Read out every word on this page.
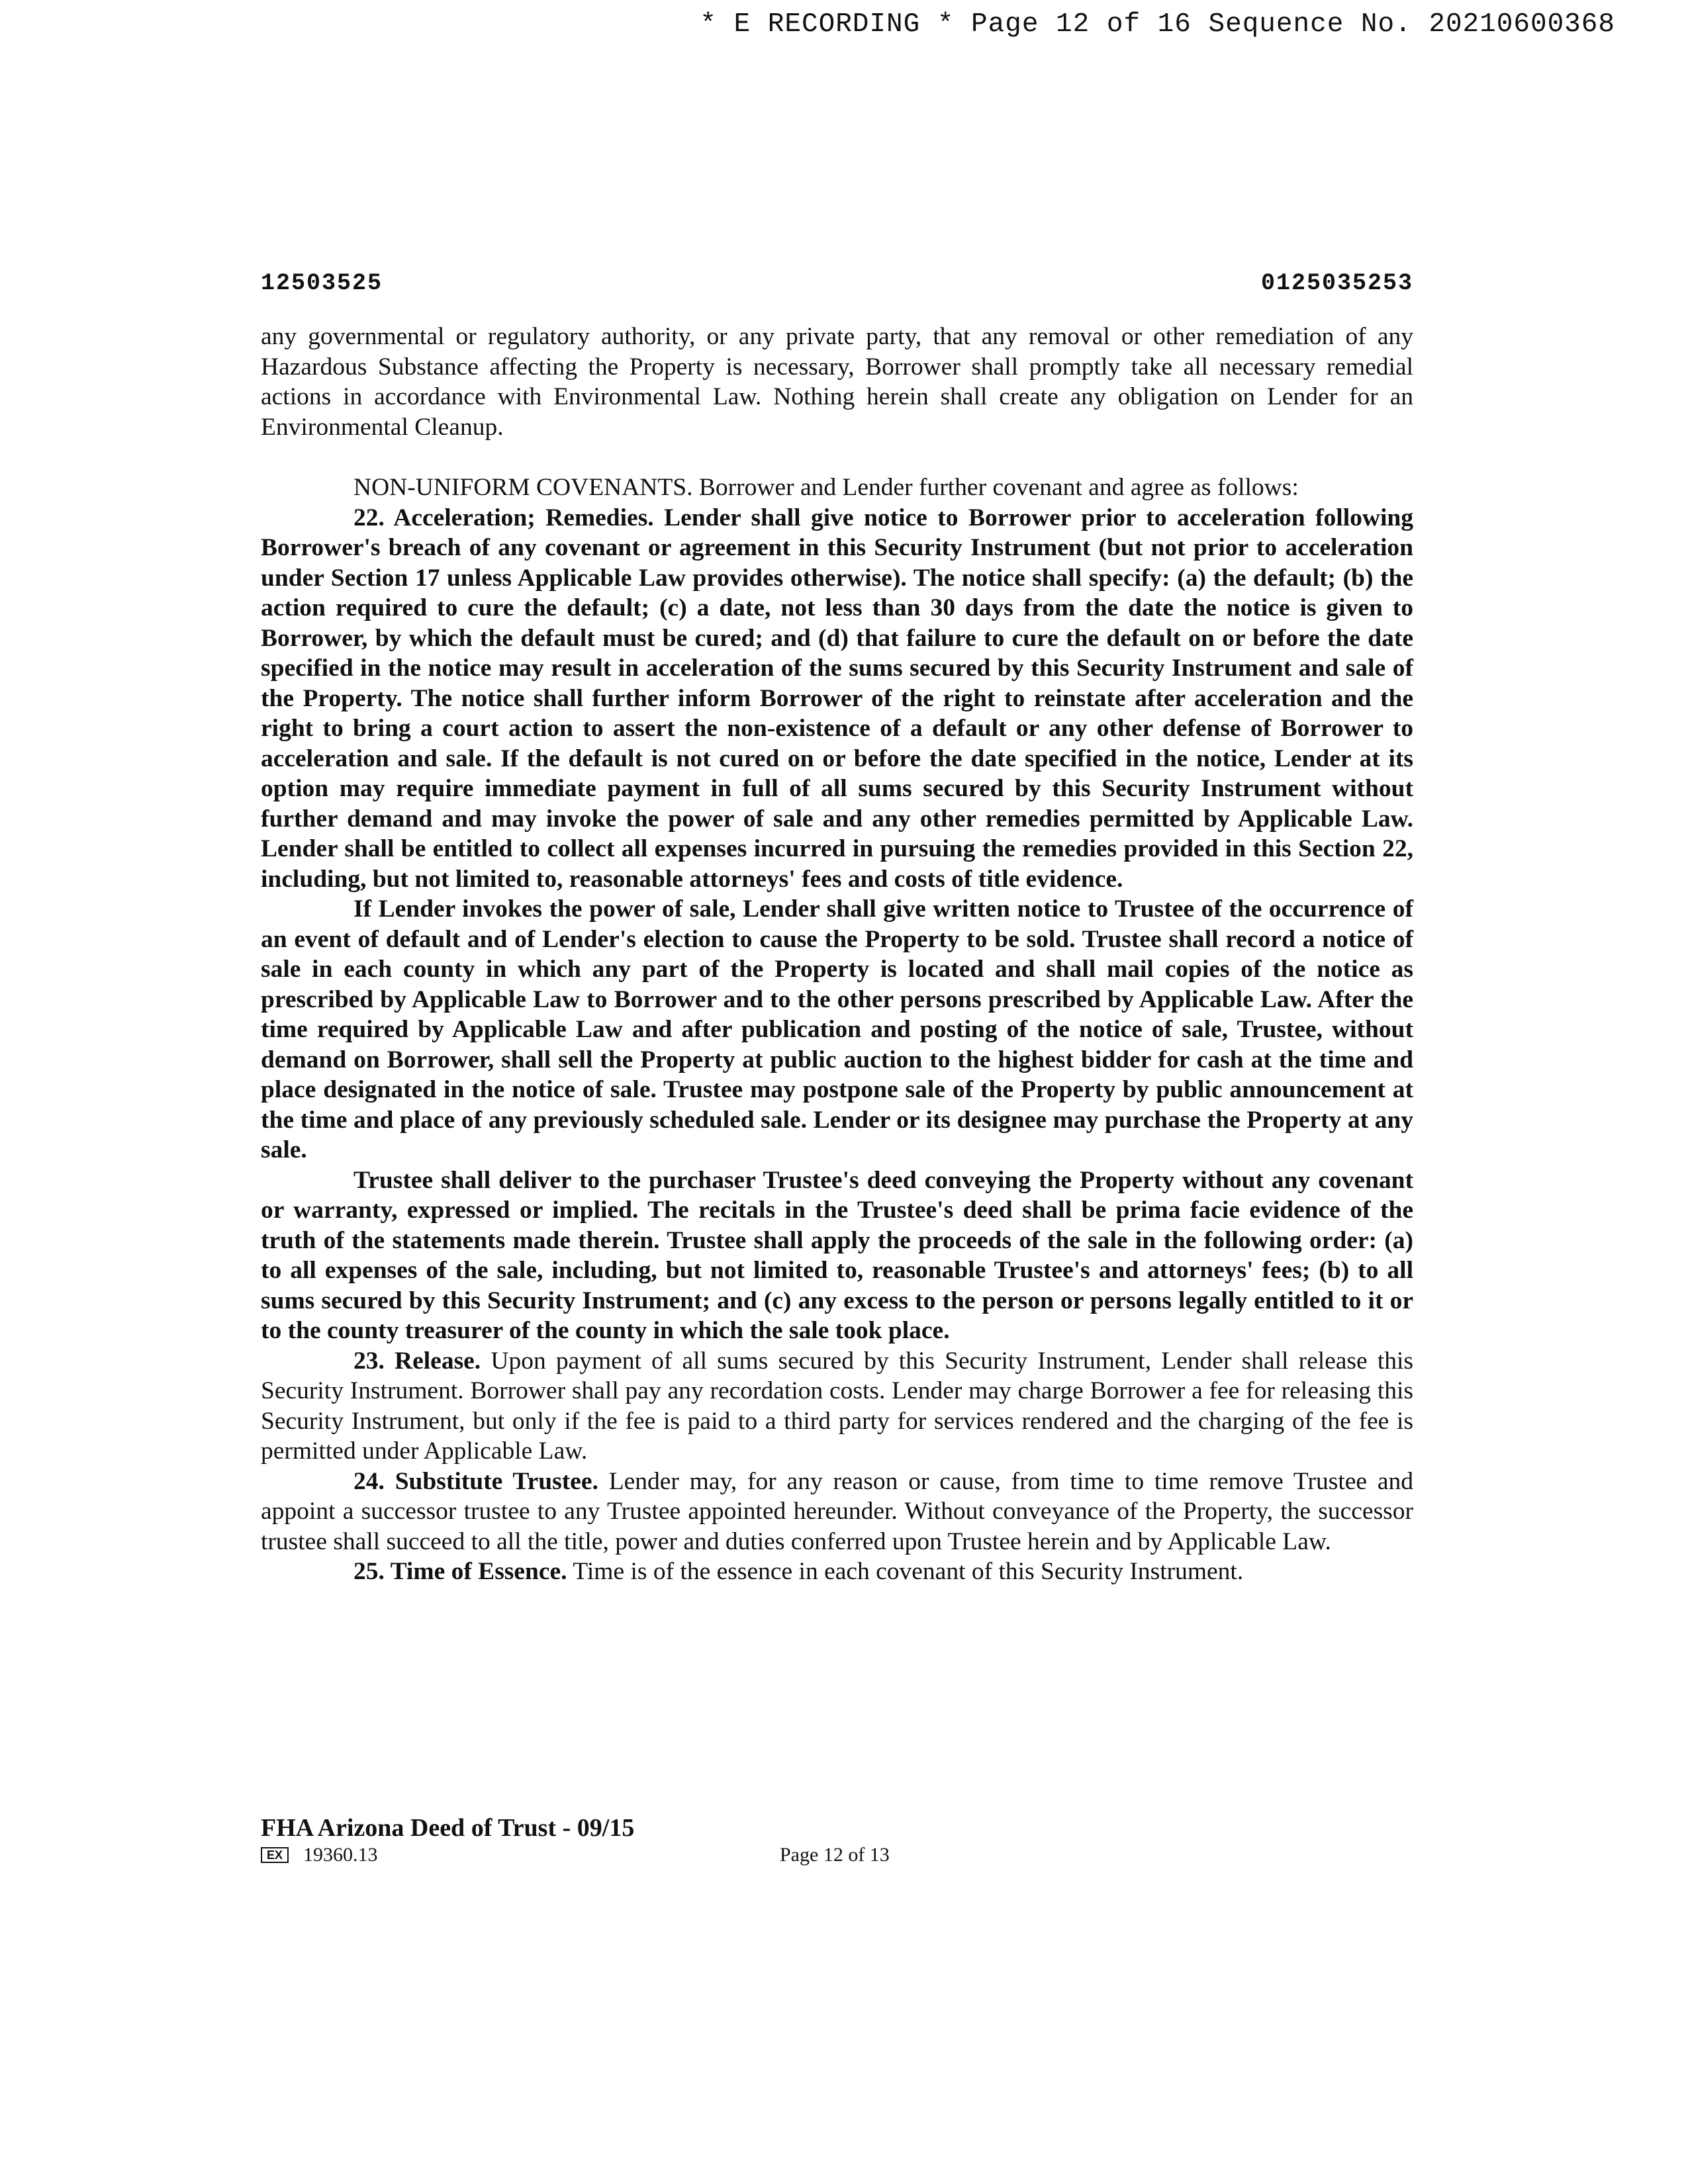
* E RECORDING * Page 12 of 16 Sequence No. 20210600368
12503525	0125035253

any governmental or regulatory authority, or any private party, that any removal or other remediation of any Hazardous Substance affecting the Property is necessary, Borrower shall promptly take all necessary remedial actions in accordance with Environmental Law. Nothing herein shall create any obligation on Lender for an Environmental Cleanup.

NON-UNIFORM COVENANTS. Borrower and Lender further covenant and agree as follows:

22. Acceleration; Remedies. Lender shall give notice to Borrower prior to acceleration following Borrower's breach of any covenant or agreement in this Security Instrument (but not prior to acceleration under Section 17 unless Applicable Law provides otherwise). The notice shall specify: (a) the default; (b) the action required to cure the default; (c) a date, not less than 30 days from the date the notice is given to Borrower, by which the default must be cured; and (d) that failure to cure the default on or before the date specified in the notice may result in acceleration of the sums secured by this Security Instrument and sale of the Property. The notice shall further inform Borrower of the right to reinstate after acceleration and the right to bring a court action to assert the non-existence of a default or any other defense of Borrower to acceleration and sale. If the default is not cured on or before the date specified in the notice, Lender at its option may require immediate payment in full of all sums secured by this Security Instrument without further demand and may invoke the power of sale and any other remedies permitted by Applicable Law. Lender shall be entitled to collect all expenses incurred in pursuing the remedies provided in this Section 22, including, but not limited to, reasonable attorneys' fees and costs of title evidence.

If Lender invokes the power of sale, Lender shall give written notice to Trustee of the occurrence of an event of default and of Lender's election to cause the Property to be sold. Trustee shall record a notice of sale in each county in which any part of the Property is located and shall mail copies of the notice as prescribed by Applicable Law to Borrower and to the other persons prescribed by Applicable Law. After the time required by Applicable Law and after publication and posting of the notice of sale, Trustee, without demand on Borrower, shall sell the Property at public auction to the highest bidder for cash at the time and place designated in the notice of sale. Trustee may postpone sale of the Property by public announcement at the time and place of any previously scheduled sale. Lender or its designee may purchase the Property at any sale.

Trustee shall deliver to the purchaser Trustee's deed conveying the Property without any covenant or warranty, expressed or implied. The recitals in the Trustee's deed shall be prima facie evidence of the truth of the statements made therein. Trustee shall apply the proceeds of the sale in the following order: (a) to all expenses of the sale, including, but not limited to, reasonable Trustee's and attorneys' fees; (b) to all sums secured by this Security Instrument; and (c) any excess to the person or persons legally entitled to it or to the county treasurer of the county in which the sale took place.

23. Release. Upon payment of all sums secured by this Security Instrument, Lender shall release this Security Instrument. Borrower shall pay any recordation costs. Lender may charge Borrower a fee for releasing this Security Instrument, but only if the fee is paid to a third party for services rendered and the charging of the fee is permitted under Applicable Law.

24. Substitute Trustee. Lender may, for any reason or cause, from time to time remove Trustee and appoint a successor trustee to any Trustee appointed hereunder. Without conveyance of the Property, the successor trustee shall succeed to all the title, power and duties conferred upon Trustee herein and by Applicable Law.

25. Time of Essence. Time is of the essence in each covenant of this Security Instrument.

FHA Arizona Deed of Trust - 09/15
EX	19360.13	Page 12 of 13
